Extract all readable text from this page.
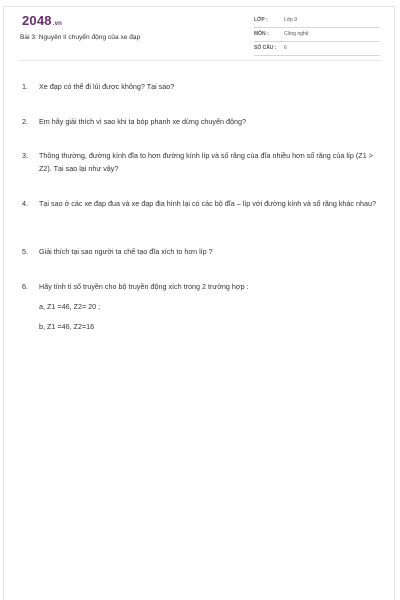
2048.vn
Bài 3: Nguyên lí chuyển động của xe đạp
LỚP :	Lớp 9
MÔN :	Công nghệ
SỐ CÂU : 6
1. Xe đạp có thể đi lùi được không? Tại sao?
2. Em hãy giải thích vì sao khi ta bóp phanh xe dừng chuyển động?
3. Thông thường, đường kính đĩa to hơn đường kính líp và số răng của đĩa nhiều hơn số răng của líp (Z1 > Z2). Tại sao lại như vậy?
4. Tại sao ở các xe đạp đua và xe đạp địa hình lại có các bộ đĩa – líp với đường kính và số răng khác nhau?
5. Giải thích tại sao người ta chế tạo đĩa xích to hơn líp ?
6. Hãy tính tỉ số truyền cho bộ truyền động xích trong 2 trường hợp :
a, Z1 =46, Z2= 20 ;
b, Z1 =46, Z2=16
